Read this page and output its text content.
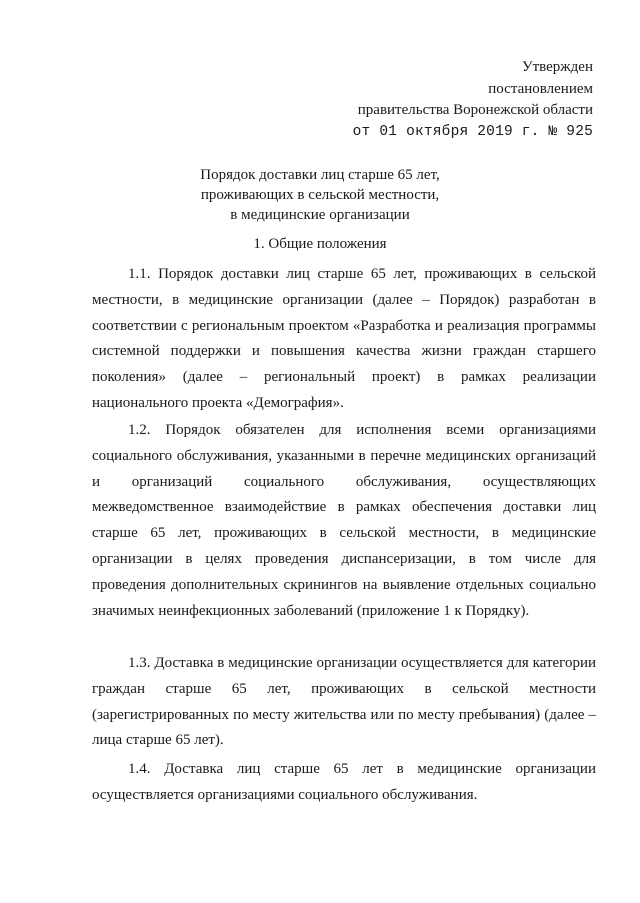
Утвержден
постановлением
правительства Воронежской области
от 01 октября 2019 г. № 925
Порядок доставки лиц старше 65 лет,
проживающих в сельской местности,
в медицинские организации
1. Общие положения

1.1. Порядок доставки лиц старше 65 лет, проживающих в сельской местности, в медицинские организации (далее – Порядок) разработан в соответствии с региональным проектом «Разработка и реализация программы системной поддержки и повышения качества жизни граждан старшего поколения» (далее – региональный проект) в рамках реализации национального проекта «Демография».

1.2. Порядок обязателен для исполнения всеми организациями социального обслуживания, указанными в перечне медицинских организаций и организаций социального обслуживания, осуществляющих межведомственное взаимодействие в рамках обеспечения доставки лиц старше 65 лет, проживающих в сельской местности, в медицинские организации в целях проведения диспансеризации, в том числе для проведения дополнительных скринингов на выявление отдельных социально значимых неинфекционных заболеваний (приложение 1 к Порядку).

1.3. Доставка в медицинские организации осуществляется для категории граждан старше 65 лет, проживающих в сельской местности (зарегистрированных по месту жительства или по месту пребывания) (далее – лица старше 65 лет).

1.4. Доставка лиц старше 65 лет в медицинские организации осуществляется организациями социального обслуживания.
